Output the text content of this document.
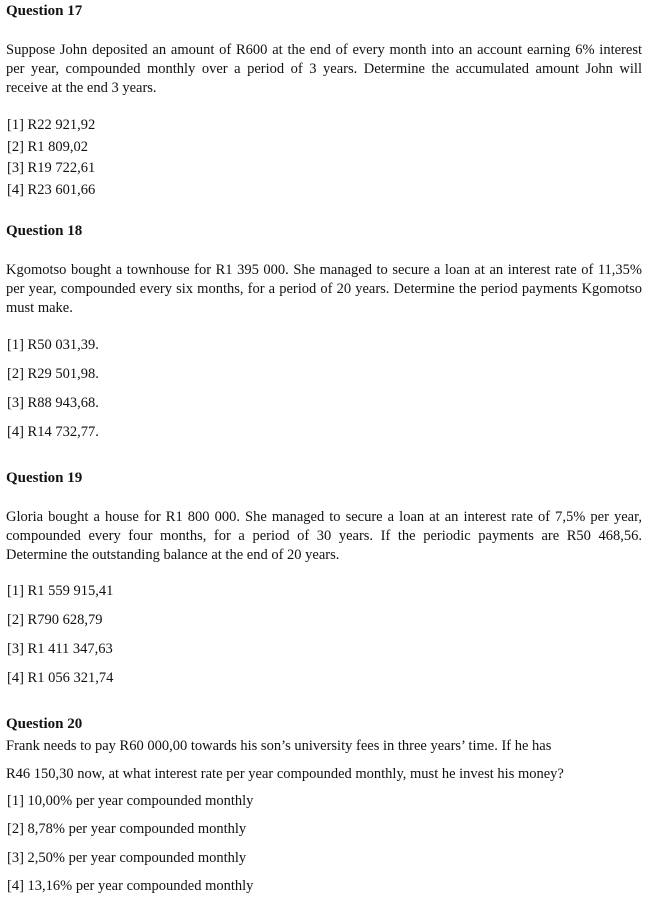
Question 17

Suppose John deposited an amount of R600 at the end of every month into an account earning 6% interest per year, compounded monthly over a period of 3 years. Determine the accumulated amount John will receive at the end 3 years.

[1] R22 921,92
[2] R1 809,02
[3] R19 722,61
[4] R23 601,66
Question 18

Kgomotso bought a townhouse for R1 395 000. She managed to secure a loan at an interest rate of 11,35% per year, compounded every six months, for a period of 20 years. Determine the period payments Kgomotso must make.

[1] R50 031,39.
[2] R29 501,98.
[3] R88 943,68.
[4] R14 732,77.
Question 19

Gloria bought a house for R1 800 000. She managed to secure a loan at an interest rate of 7,5% per year, compounded every four months, for a period of 30 years. If the periodic payments are R50 468,56. Determine the outstanding balance at the end of 20 years.

[1] R1 559 915,41
[2] R790 628,79
[3] R1 411 347,63
[4] R1 056 321,74
Question 20

Frank needs to pay R60 000,00 towards his son’s university fees in three years’ time. If he has

R46 150,30 now, at what interest rate per year compounded monthly, must he invest his money?

[1] 10,00% per year compounded monthly
[2] 8,78% per year compounded monthly
[3] 2,50% per year compounded monthly
[4] 13,16% per year compounded monthly
